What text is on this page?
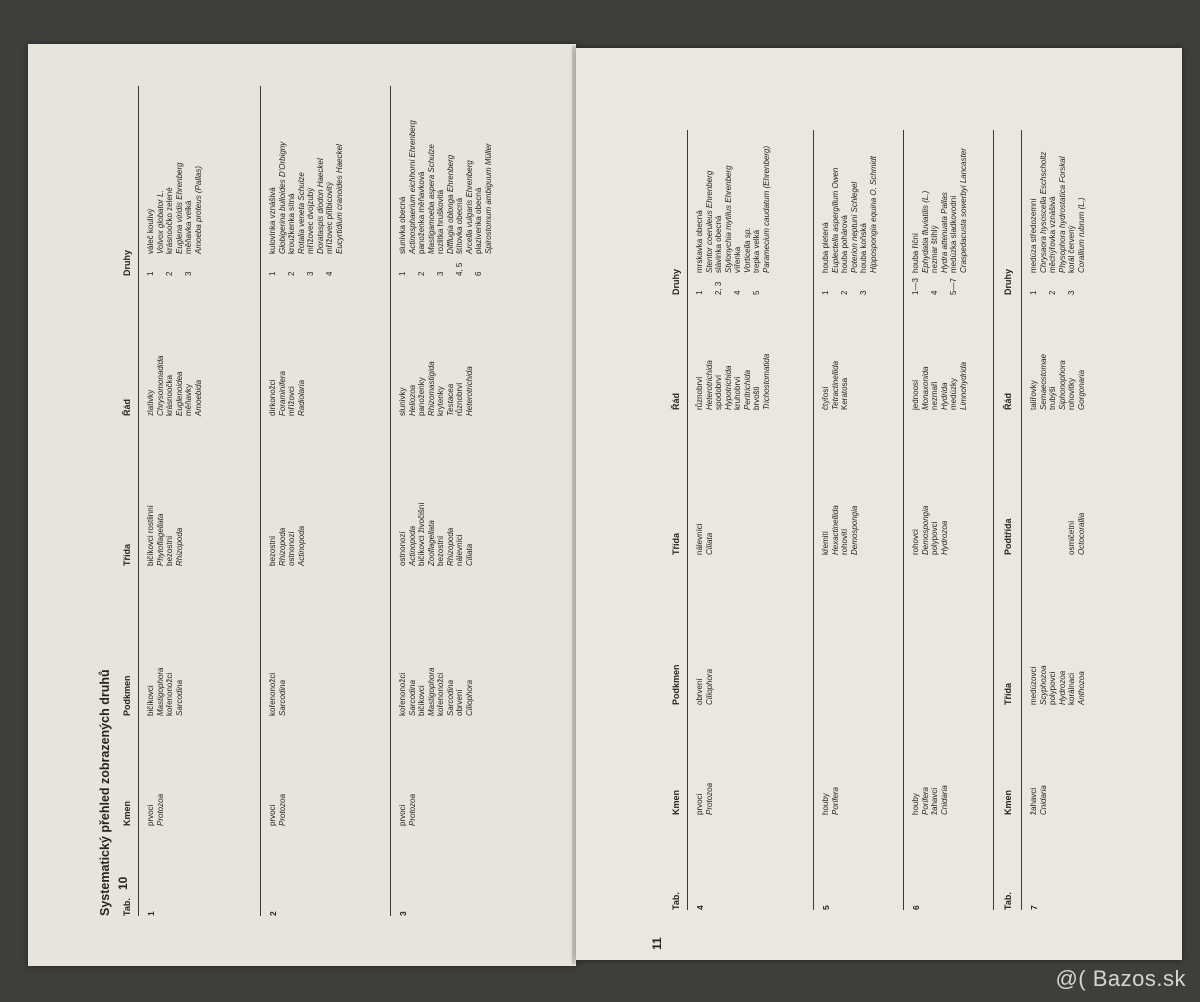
Systematický přehled zobrazených druhů Tab.
Kmen
Podkmen
Třída
Řád
Druhy
1
prvoci Protozoa
bičíkovci Mastigophora kořenonožci Sarcodina
bičíkovci rostlinní Phytoflagellata bezostní Rhizopoda
zlativky Chrysomonadida krásnoočka Euglenoidea měňavky Amoebida
1váleč koulivý Volvox globator L.
2krásnoočko zelené Euglena viridis Ehrenberg
3měňavka velká Amoeba proteus (Pallas)
2
prvoci Protozoa
kořenonožci Sarcodina
bezostní Rhizopoda ostnonozí Actinopoda
dírkonožci Foraminifera mřížovci Radiolaria
1kulovinka vznášivá Globigerina bulloides D'Orbigny
2kroužkenka sítná Rotalia veneta Schulze
3mřížovec dvojzubý Dorataspis diodon Haeckel
4mřížovec přilbicovitý Eucyrtidium cranoides Haeckel
3
prvoci Protozoa
kořenonožci Sarcodina bičíkovci Mastigophora kořenonožci Sarcodina obrvení Ciliophora
ostnonozí Actinopoda bičíkovci živočišní Zooflagellata bezostní Rhizopoda nálevníci Ciliata
slunivky Heliozoa panoženky Rhizomastigida krytenky Testacea různobrví Heterotrichida
1slunivka obecná Actinosphaerium eichhorni Ehrenberg
2panoženka měňavková Mastigamoeba aspera Schulze
3rozlitka hruškovitá Difflugia oblonga Ehrenberg
4, 5štítovka obecná Arcella vulgaris Ehrenberg
6plazivenka obecná Spirostomum ambiguum Müller
10
Tab.
Kmen
Podkmen
Třída
Řád
Druhy
4
prvoci Protozoa
obrvení Ciliophora
nálevníci Ciliata
různobrví Heterotrichida spodobrví Hypotrichida kruhobrví Peritrichida brvošti Trichostomatida
1mrskavka obecná Stentor coeruleus Ehrenberg
2, 3slávinka obecná Stylonychia mytilus Ehrenberg
4vířenka Vorticella sp.
5trepka velká Paramecium caudatum (Ehrenberg)
5
houby Porifera
křemití Hexactinellida rohovití Demospongia
čtyřosí Tetractinellida Keratosa
1houba pletená Euplectella aspergillum Owen
2houba pohárová Poterion neptuni Schlegel
3houba koňská Hippospongia equina O. Schmidt
6
houby Porifera žahavci Cnidaria
rohovci Demospongia polypovci Hydrozoa
jednoosí Monaxonida nezmaři Hydrida medúzky Limnohydrida
1—3houba říční Ephydatia fluviatilis (L.)
4nezmar štíhlý Hydra attenuata Pallas
5—7medúzka sladkovodní Craspedacusta sowerbyi Lancaster
Tab.
Kmen
Třída
Podtřída
Řád
Druhy
7
žahavci Cnidaria
medúzovci Scyphozoa polypovci Hydrozoa korálnaci Anthozoa
osmičetní Octocorallia
talířovky Semaeostomae trubýši Siphonophora rohovitky Gorgonaria
1medúza středozemní Chrysaora hysoscella Eschscholtz
2měchýřovka vznášivá Physophora hydrostatica Forskal
3korál červený Corallium rubrum (L.)
11
@( Bazos.sk
